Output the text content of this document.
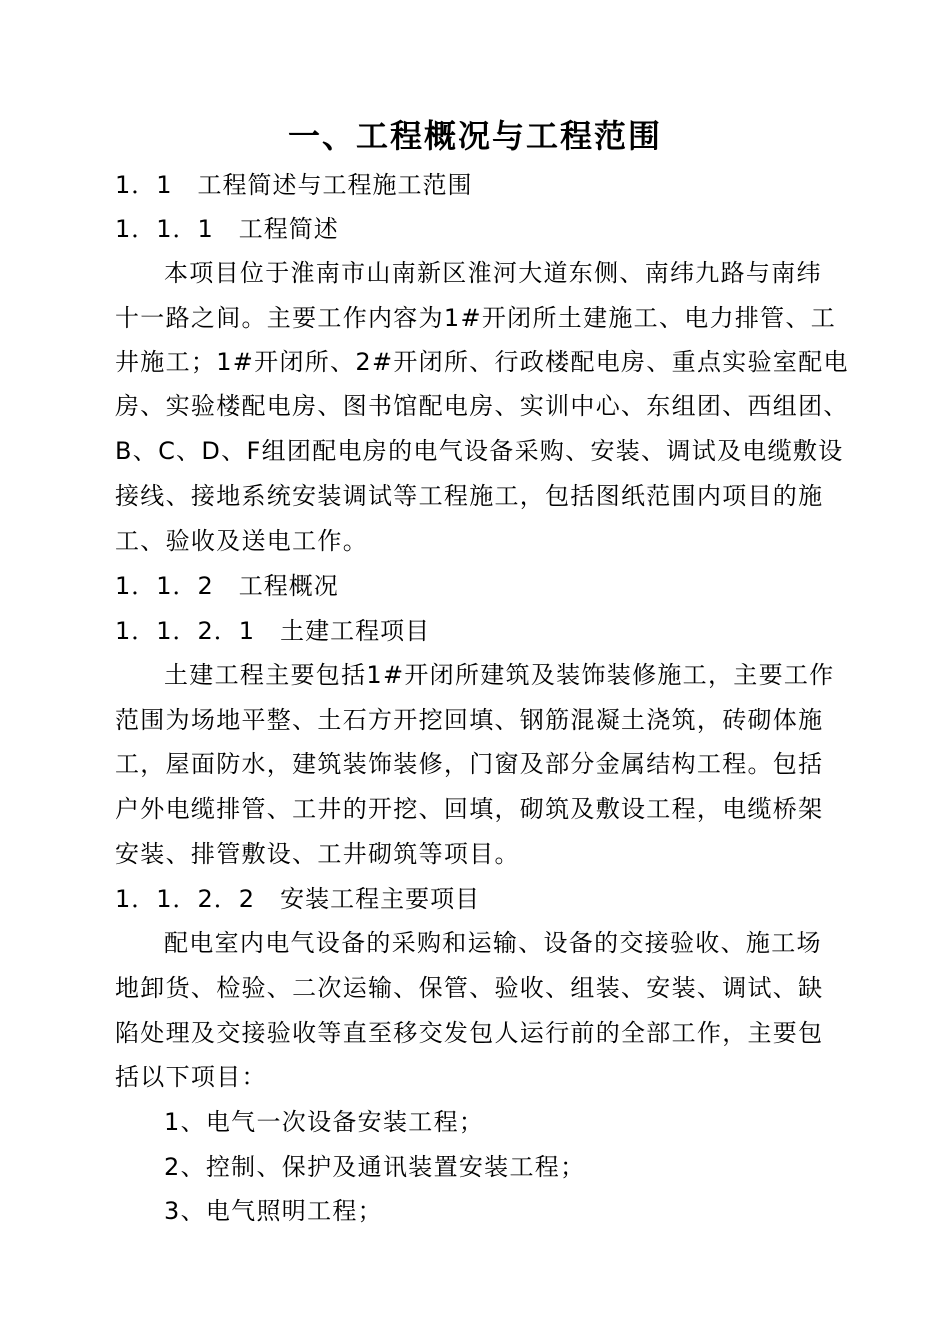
一、工程概况与工程范围
1．1　工程简述与工程施工范围
1．1．1　工程简述
本项目位于淮南市山南新区淮河大道东侧、南纬九路与南纬
十一路之间。主要工作内容为1#开闭所土建施工、电力排管、工
井施工；1#开闭所、2#开闭所、行政楼配电房、重点实验室配电
房、实验楼配电房、图书馆配电房、实训中心、东组团、西组团、
B、C、D、F组团配电房的电气设备采购、安装、调试及电缆敷设
接线、接地系统安装调试等工程施工，包括图纸范围内项目的施
工、验收及送电工作。
1．1．2　工程概况
1．1．2．1　土建工程项目
土建工程主要包括1#开闭所建筑及装饰装修施工，主要工作
范围为场地平整、土石方开挖回填、钢筋混凝土浇筑，砖砌体施
工，屋面防水，建筑装饰装修，门窗及部分金属结构工程。包括
户外电缆排管、工井的开挖、回填，砌筑及敷设工程，电缆桥架
安装、排管敷设、工井砌筑等项目。
1．1．2．2　安装工程主要项目
配电室内电气设备的采购和运输、设备的交接验收、施工场
地卸货、检验、二次运输、保管、验收、组装、安装、调试、缺
陷处理及交接验收等直至移交发包人运行前的全部工作，主要包
括以下项目：
1、电气一次设备安装工程；
2、控制、保护及通讯装置安装工程；
3、电气照明工程；
